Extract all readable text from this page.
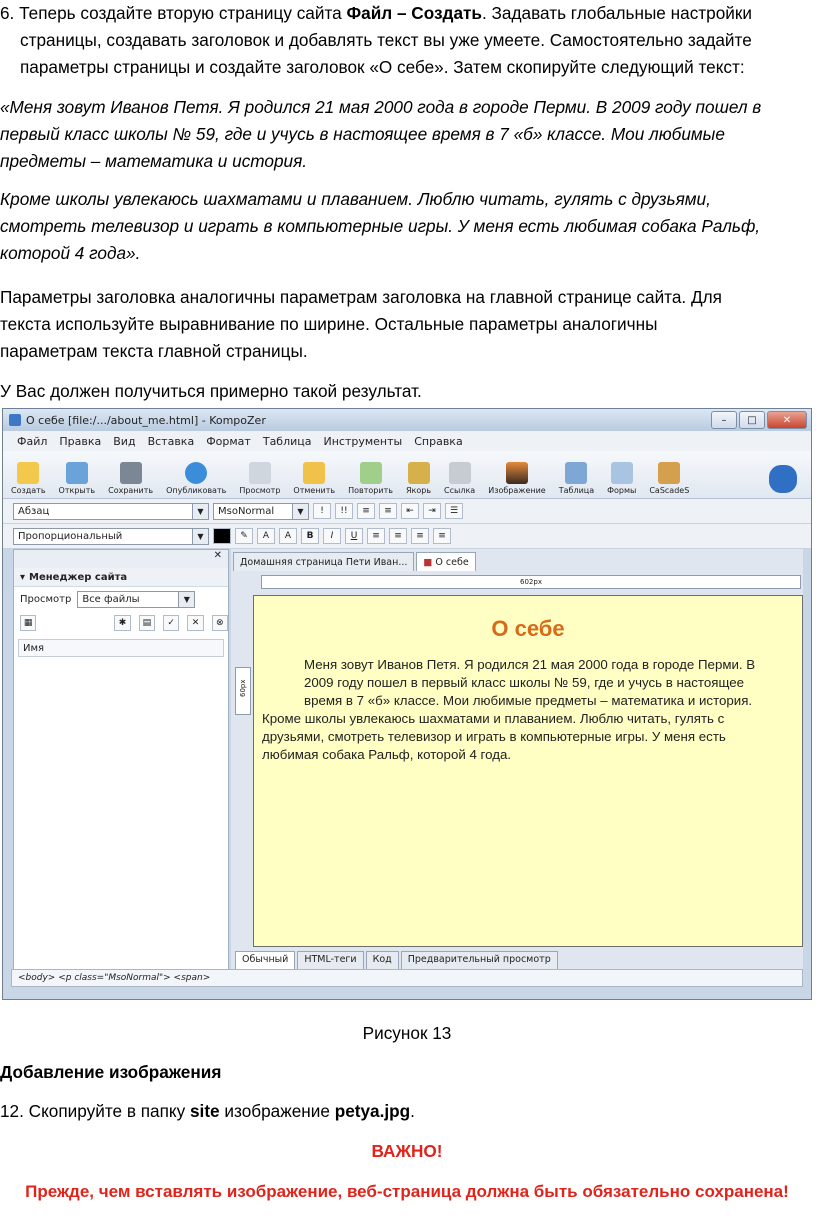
6. Теперь создайте вторую страницу сайта Файл – Создать. Задавать глобальные настройки
страницы, создавать заголовок и добавлять текст вы уже умеете. Самостоятельно задайте
параметры страницы и создайте заголовок «О себе». Затем скопируйте следующий текст:
«Меня зовут Иванов Петя. Я родился 21 мая 2000 года в городе Перми. В 2009 году пошел в
первый класс школы № 59, где и учусь в настоящее время в 7 «б» классе. Мои любимые
предметы – математика и история.
Кроме школы увлекаюсь шахматами и плаванием. Люблю читать, гулять с друзьями,
смотреть телевизор и играть в компьютерные игры. У меня есть любимая собака Ральф,
которой 4 года».
Параметры заголовка аналогичны параметрам заголовка на главной странице сайта. Для
текста используйте выравнивание по ширине. Остальные параметры аналогичны
параметрам текста главной страницы.
У Вас должен получиться примерно такой результат.
О себе [file:/.../about_me.html] - KompoZer	–	□	✕
Файл Правка Вид Вставка Формат Таблица Инструменты Справка
Создать Открыть Сохранить Опубликовать Просмотр Отменить Повторить Якорь Ссылка Изображение Таблица Формы CaScadeS
Абзац	▼	MsoNormal	▼	!	!!	≡	≡	⇤	⇥	☰
Пропорциональный	▼	✎	A	A	B	I	U	≡	≡	≡	≡
✕
▾ Менеджер сайта
Просмотр Все файлы	▼
▦	✱	▤	✓	✕	⊗
Имя
Домашняя страница Пети Иван...	■ О себе
602px
60px
О себе
Меня зовут Иванов Петя. Я родился 21 мая 2000 года в городе Перми. В 2009 году пошел в первый класс школы № 59, где и учусь в настоящее время в 7 «б» классе. Мои любимые предметы – математика и история.
Кроме школы увлекаюсь шахматами и плаванием. Люблю читать, гулять с друзьями, смотреть телевизор и играть в компьютерные игры. У меня есть любимая собака Ральф, которой 4 года.
Обычный	HTML-теги	Код	Предварительный просмотр
<body> <p class="MsoNormal"> <span>
Рисунок 13
Добавление изображения
12. Скопируйте в папку site изображение petya.jpg.
ВАЖНО!
Прежде, чем вставлять изображение, веб-страница должна быть обязательно сохранена!
